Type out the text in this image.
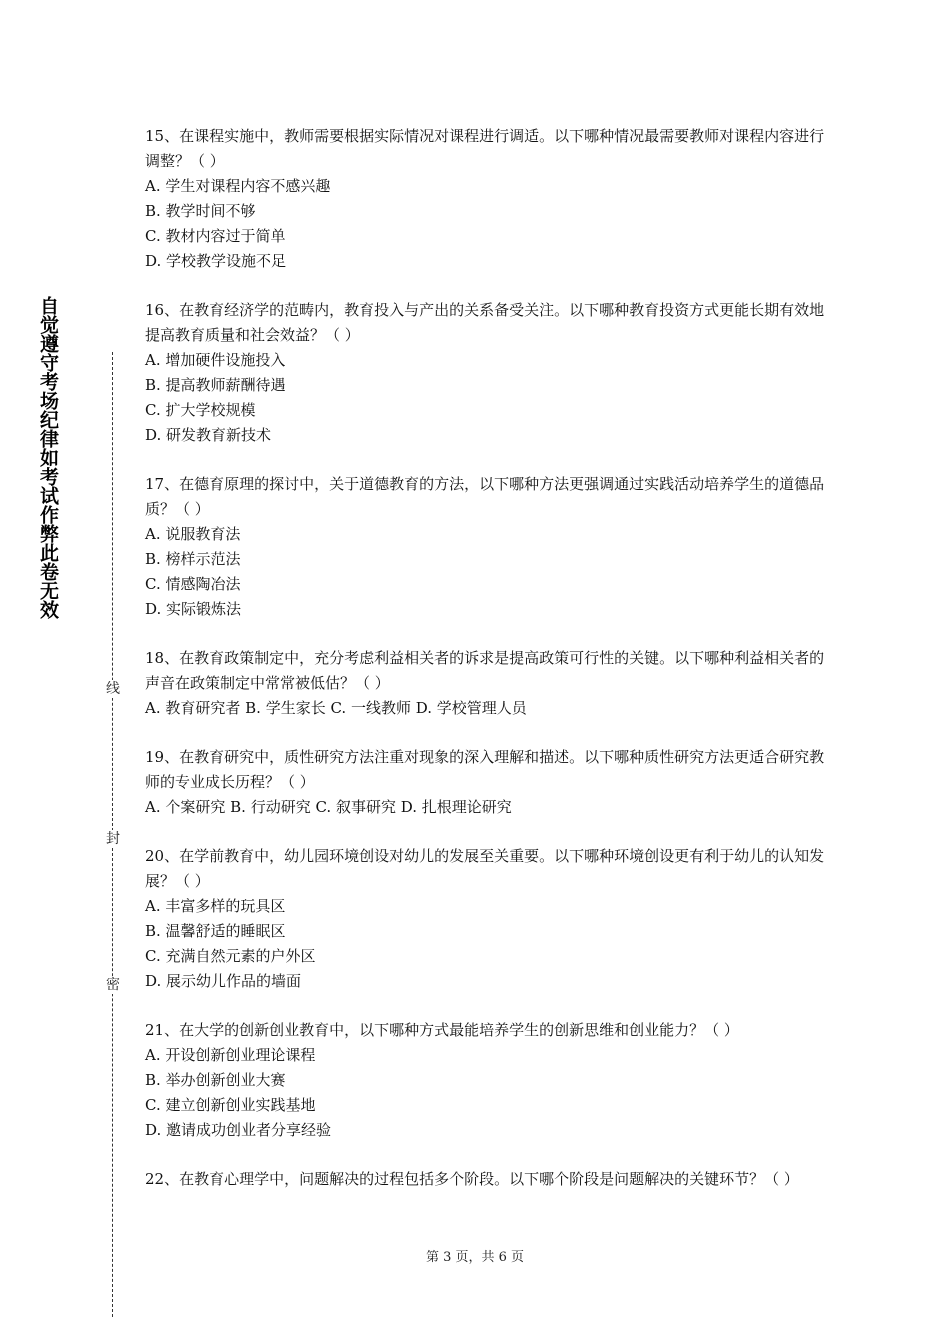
自觉遵守考场纪律如考试作弊此卷无效
线
封
密
15、在课程实施中，教师需要根据实际情况对课程进行调适。以下哪种情况最需要教师对课程内容进行调整？（ ）
A. 学生对课程内容不感兴趣
B. 教学时间不够
C. 教材内容过于简单
D. 学校教学设施不足
16、在教育经济学的范畴内，教育投入与产出的关系备受关注。以下哪种教育投资方式更能长期有效地提高教育质量和社会效益？（ ）
A. 增加硬件设施投入
B. 提高教师薪酬待遇
C. 扩大学校规模
D. 研发教育新技术
17、在德育原理的探讨中，关于道德教育的方法，以下哪种方法更强调通过实践活动培养学生的道德品质？（ ）
A. 说服教育法
B. 榜样示范法
C. 情感陶冶法
D. 实际锻炼法
18、在教育政策制定中，充分考虑利益相关者的诉求是提高政策可行性的关键。以下哪种利益相关者的声音在政策制定中常常被低估？（ ）
A. 教育研究者 B. 学生家长 C. 一线教师 D. 学校管理人员
19、在教育研究中，质性研究方法注重对现象的深入理解和描述。以下哪种质性研究方法更适合研究教师的专业成长历程？（ ）
A. 个案研究 B. 行动研究 C. 叙事研究 D. 扎根理论研究
20、在学前教育中，幼儿园环境创设对幼儿的发展至关重要。以下哪种环境创设更有利于幼儿的认知发展？（ ）
A. 丰富多样的玩具区
B. 温馨舒适的睡眠区
C. 充满自然元素的户外区
D. 展示幼儿作品的墙面
21、在大学的创新创业教育中，以下哪种方式最能培养学生的创新思维和创业能力？（ ）
A. 开设创新创业理论课程
B. 举办创新创业大赛
C. 建立创新创业实践基地
D. 邀请成功创业者分享经验
22、在教育心理学中，问题解决的过程包括多个阶段。以下哪个阶段是问题解决的关键环节？（ ）
第 3 页，共 6 页
